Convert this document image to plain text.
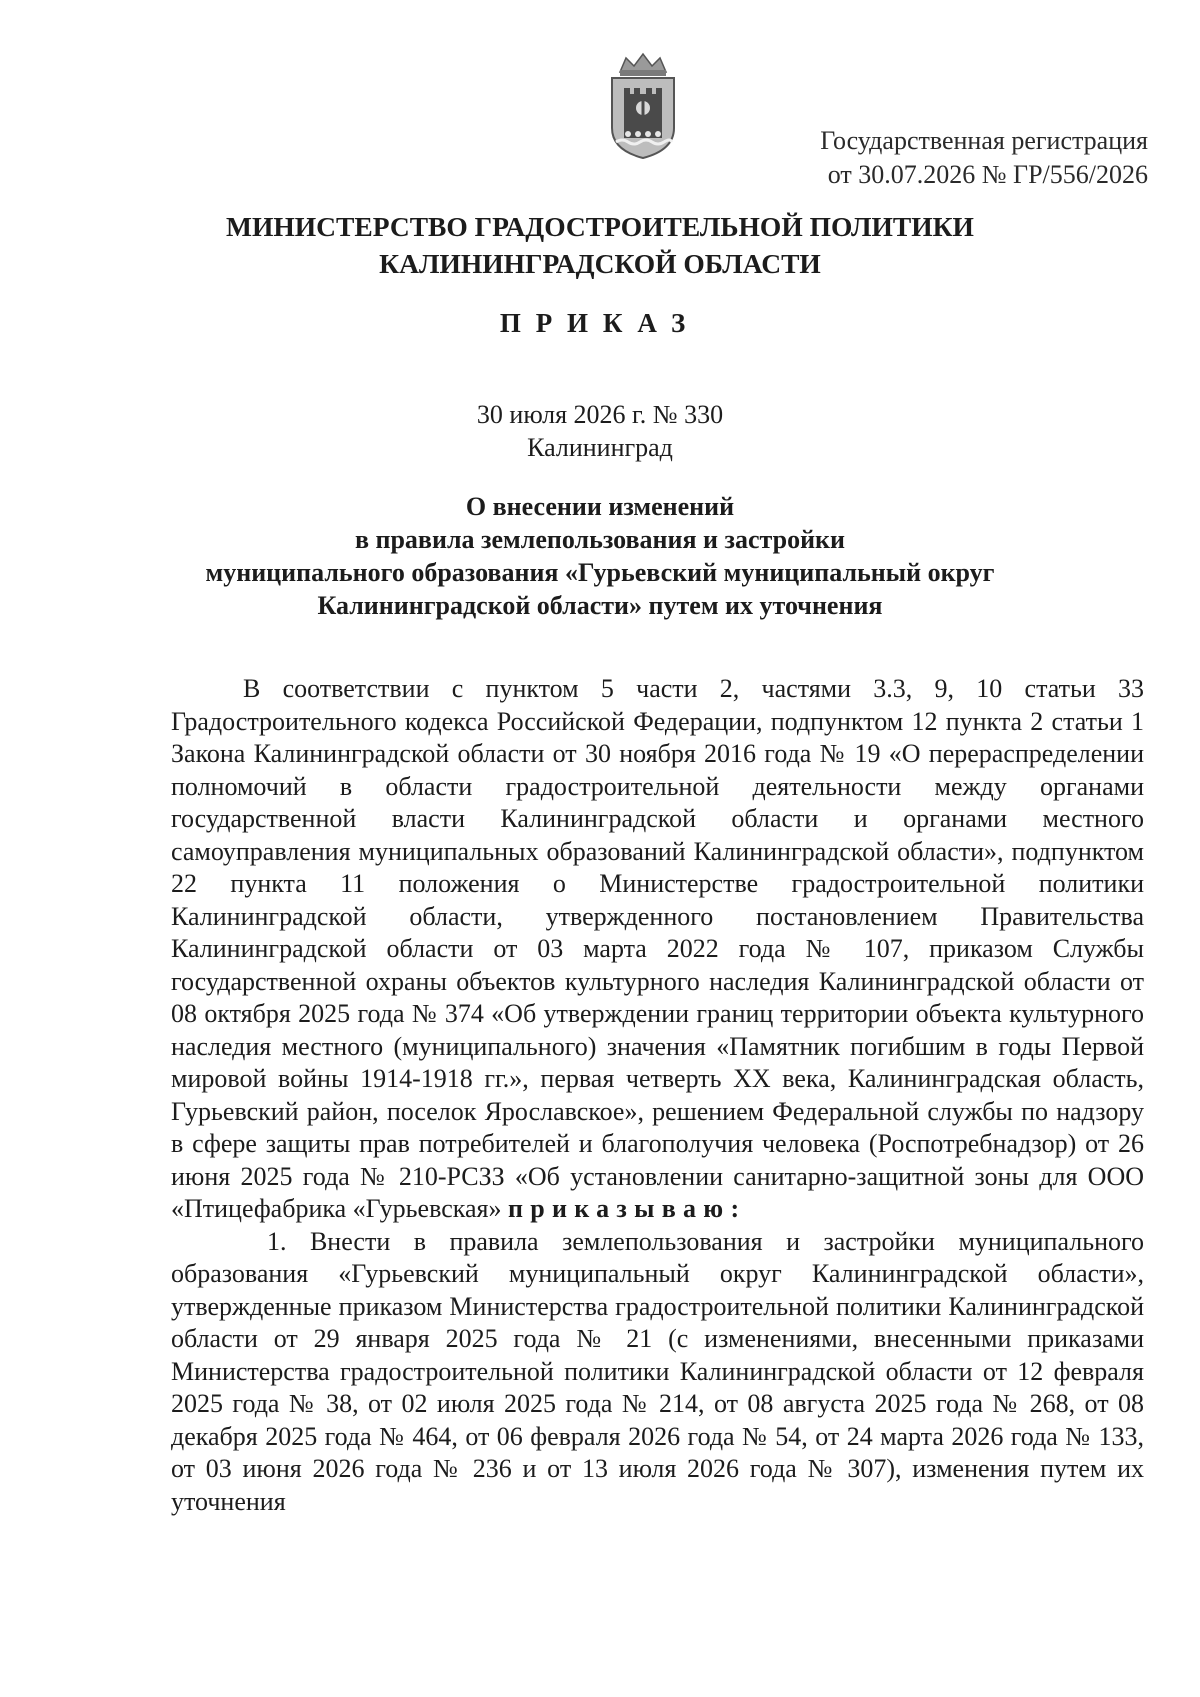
Государственная регистрация
от 30.07.2026 № ГР/556/2026
МИНИСТЕРСТВО ГРАДОСТРОИТЕЛЬНОЙ ПОЛИТИКИ
КАЛИНИНГРАДСКОЙ ОБЛАСТИ
ПРИКАЗ
30 июля 2026 г. № 330
Калининград
О внесении изменений
в правила землепользования и застройки
муниципального образования «Гурьевский муниципальный округ
Калининградской области» путем их уточнения

В соответствии с пунктом 5 части 2, частями 3.3, 9, 10 статьи 33 Градостроительного кодекса Российской Федерации, подпунктом 12 пункта 2 статьи 1 Закона Калининградской области от 30 ноября 2016 года № 19 «О перераспределении полномочий в области градостроительной деятельности между органами государственной власти Калининградской области и органами местного самоуправления муниципальных образований Калининградской области», подпунктом 22 пункта 11 положения о Министерстве градостроительной политики Калининградской области, утвержденного постановлением Правительства Калининградской области от 03 марта 2022 года № 107, приказом Службы государственной охраны объектов культурного наследия Калининградской области от 08 октября 2025 года № 374 «Об утверждении границ территории объекта культурного наследия местного (муниципального) значения «Памятник погибшим в годы Первой мировой войны 1914-1918 гг.», первая четверть XX века, Калининградская область, Гурьевский район, поселок Ярославское», решением Федеральной службы по надзору в сфере защиты прав потребителей и благополучия человека (Роспотребнадзор) от 26 июня 2025 года № 210-РСЗЗ «Об установлении санитарно-защитной зоны для ООО «Птицефабрика «Гурьевская» приказываю:

1. Внести в правила землепользования и застройки муниципального образования «Гурьевский муниципальный округ Калининградской области», утвержденные приказом Министерства градостроительной политики Калининградской области от 29 января 2025 года № 21 (с изменениями, внесенными приказами Министерства градостроительной политики Калининградской области от 12 февраля 2025 года № 38, от 02 июля 2025 года № 214, от 08 августа 2025 года № 268, от 08 декабря 2025 года № 464, от 06 февраля 2026 года № 54, от 24 марта 2026 года № 133, от 03 июня 2026 года № 236 и от 13 июля 2026 года № 307), изменения путем их уточнения
